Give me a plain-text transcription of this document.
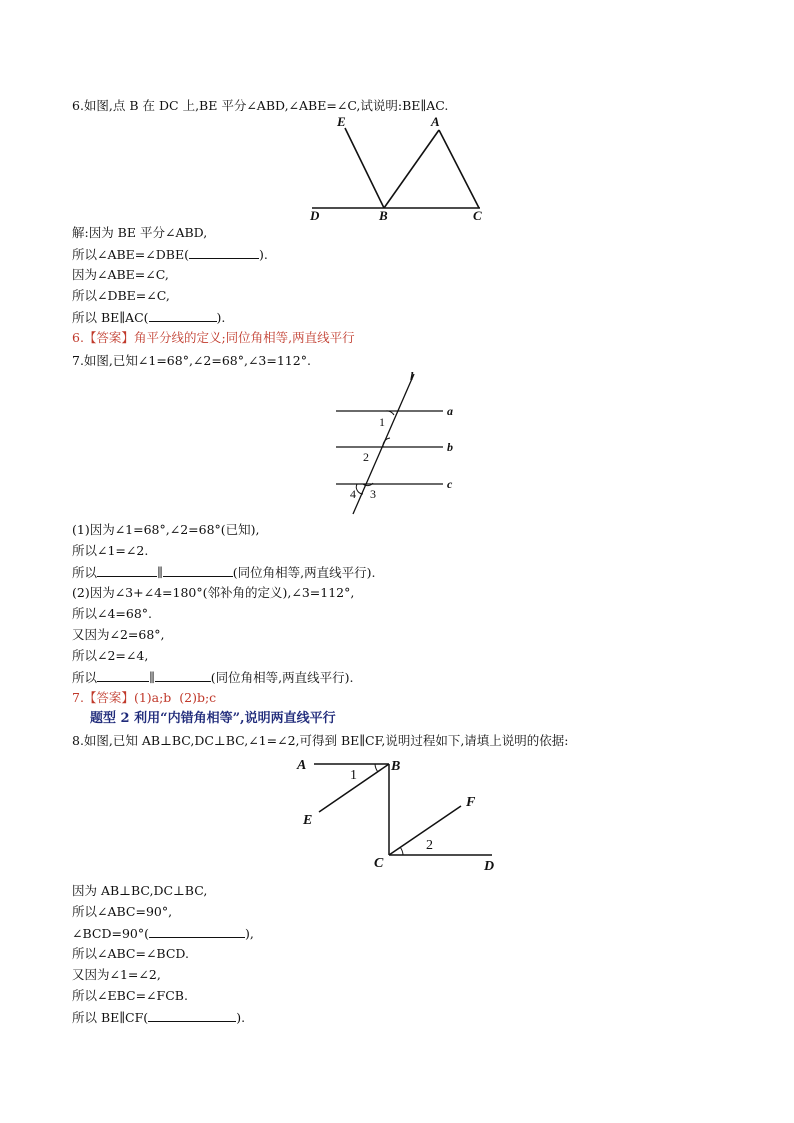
6.如图,点 B 在 DC 上,BE 平分∠ABD,∠ABE=∠C,试说明:BE∥AC.
E	A
D	B	C
解:因为 BE 平分∠ABD,
所以∠ABE=∠DBE(	).
因为∠ABE=∠C,
所以∠DBE=∠C,
所以 BE∥AC(	).
6.【答案】角平分线的定义;同位角相等,两直线平行
7.如图,已知∠1=68°,∠2=68°,∠3=112°.
l
a
b
c
1
2
3
4
(1)因为∠1=68°,∠2=68°(已知),
所以∠1=∠2.
所以	∥	(同位角相等,两直线平行).
(2)因为∠3+∠4=180°(邻补角的定义),∠3=112°,
所以∠4=68°.
又因为∠2=68°,
所以∠2=∠4,
所以	∥	(同位角相等,两直线平行).
7.【答案】(1)a;b  (2)b;c
题型 2 利用“内错角相等”,说明两直线平行
8.如图,已知 AB⊥BC,DC⊥BC,∠1=∠2,可得到 BE∥CF,说明过程如下,请填上说明的依据:
A	B
E
F
C	D
1
2
因为 AB⊥BC,DC⊥BC,
所以∠ABC=90°,
∠BCD=90°(	),
所以∠ABC=∠BCD.
又因为∠1=∠2,
所以∠EBC=∠FCB.
所以 BE∥CF(	).
